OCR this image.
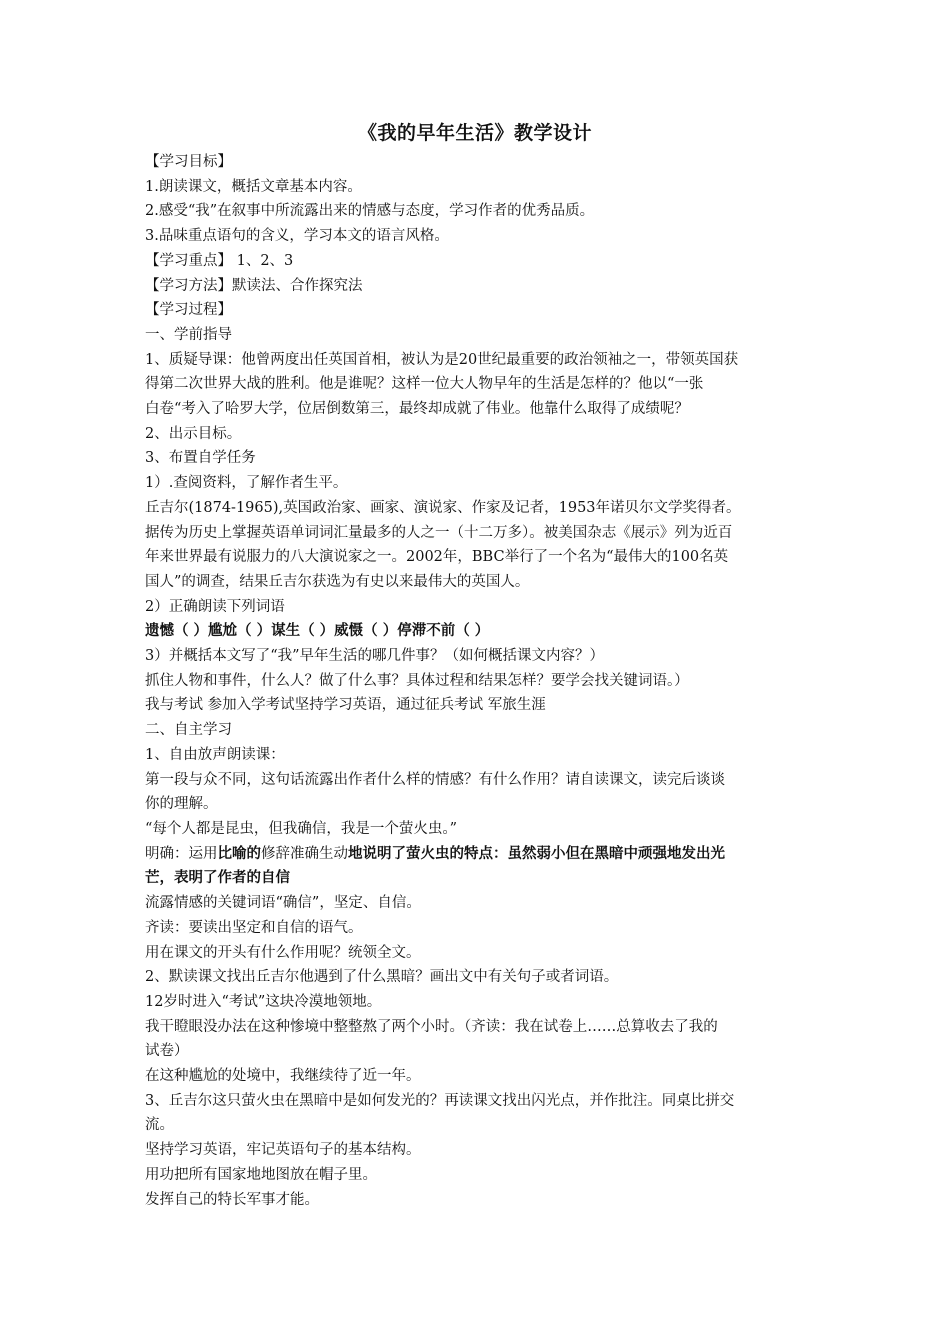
《我的早年生活》教学设计
【学习目标】
1.朗读课文，概括文章基本内容。
2.感受“我”在叙事中所流露出来的情感与态度，学习作者的优秀品质。
3.品味重点语句的含义，学习本文的语言风格。
【学习重点】 1、2、3
【学习方法】默读法、合作探究法
【学习过程】
一、学前指导
1、质疑导课：他曾两度出任英国首相，被认为是20世纪最重要的政治领袖之一，带领英国获
得第二次世界大战的胜利。他是谁呢？这样一位大人物早年的生活是怎样的？他以“一张
白卷“考入了哈罗大学，位居倒数第三，最终却成就了伟业。他靠什么取得了成绩呢？
2、出示目标。
3、布置自学任务
1）.查阅资料，了解作者生平。
丘吉尔(1874-1965),英国政治家、画家、演说家、作家及记者，1953年诺贝尔文学奖得者。
据传为历史上掌握英语单词词汇量最多的人之一（十二万多）。被美国杂志《展示》列为近百
年来世界最有说服力的八大演说家之一。2002年，BBC举行了一个名为“最伟大的100名英
国人”的调查，结果丘吉尔获选为有史以来最伟大的英国人。
2）正确朗读下列词语
遗憾（ ）尴尬（ ）谋生（ ）威慑（ ）停滞不前（ ）
3）并概括本文写了“我”早年生活的哪几件事？（如何概括课文内容？）
抓住人物和事件，什么人？做了什么事？具体过程和结果怎样？要学会找关键词语。）
我与考试 参加入学考试坚持学习英语，通过征兵考试 军旅生涯
二、自主学习
1、自由放声朗读课：
第一段与众不同，这句话流露出作者什么样的情感？有什么作用？请自读课文，读完后谈谈
你的理解。
“每个人都是昆虫，但我确信，我是一个萤火虫。”
明确：运用比喻的修辞准确生动地说明了萤火虫的特点：虽然弱小但在黑暗中顽强地发出光
芒，表明了作者的自信
流露情感的关键词语“确信”，坚定、自信。
齐读：要读出坚定和自信的语气。
用在课文的开头有什么作用呢？统领全文。
2、默读课文找出丘吉尔他遇到了什么黑暗？画出文中有关句子或者词语。
12岁时进入“考试”这块冷漠地领地。
我干瞪眼没办法在这种惨境中整整熬了两个小时。（齐读：我在试卷上……总算收去了我的
试卷）
在这种尴尬的处境中，我继续待了近一年。
3、丘吉尔这只萤火虫在黑暗中是如何发光的？再读课文找出闪光点，并作批注。同桌比拼交
流。
坚持学习英语，牢记英语句子的基本结构。
用功把所有国家地地图放在帽子里。
发挥自己的特长军事才能。
